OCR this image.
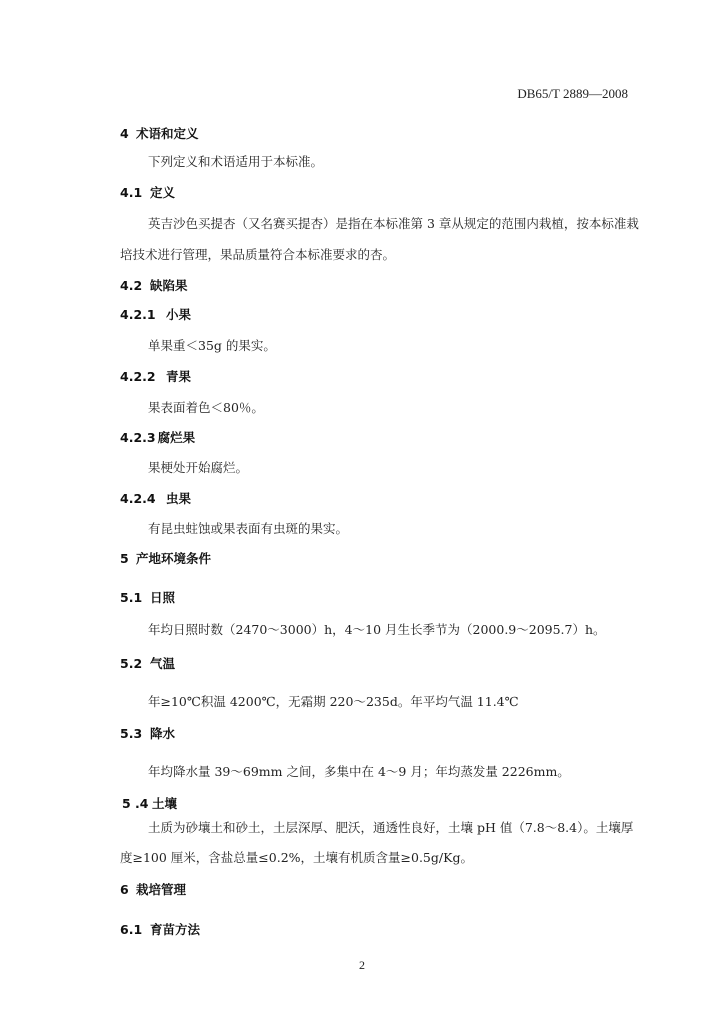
DB65/T 2889—2008
4 术语和定义
下列定义和术语适用于本标准。
4.1 定义
英吉沙色买提杏（又名赛买提杏）是指在本标准第 3 章从规定的范围内栽植，按本标准栽
培技术进行管理，果品质量符合本标准要求的杏。
4.2 缺陷果
4.2.1 小果
单果重＜35g 的果实。
4.2.2 青果
果表面着色＜80％。
4.2.3 腐烂果
果梗处开始腐烂。
4.2.4 虫果
有昆虫蛀蚀或果表面有虫斑的果实。
5 产地环境条件
5.1 日照
年均日照时数（2470～3000）h，4～10 月生长季节为（2000.9～2095.7）h。
5.2 气温
年≥10℃积温 4200℃，无霜期 220～235d。年平均气温 11.4℃
5.3 降水
年均降水量 39～69mm 之间，多集中在 4～9 月；年均蒸发量 2226mm。
5 .4 土壤
土质为砂壤土和砂土，土层深厚、肥沃，通透性良好，土壤 pH 值（7.8～8.4）。土壤厚
度≥100 厘米，含盐总量≤0.2%，土壤有机质含量≥0.5g/Kg。
6 栽培管理
6.1 育苗方法
2
